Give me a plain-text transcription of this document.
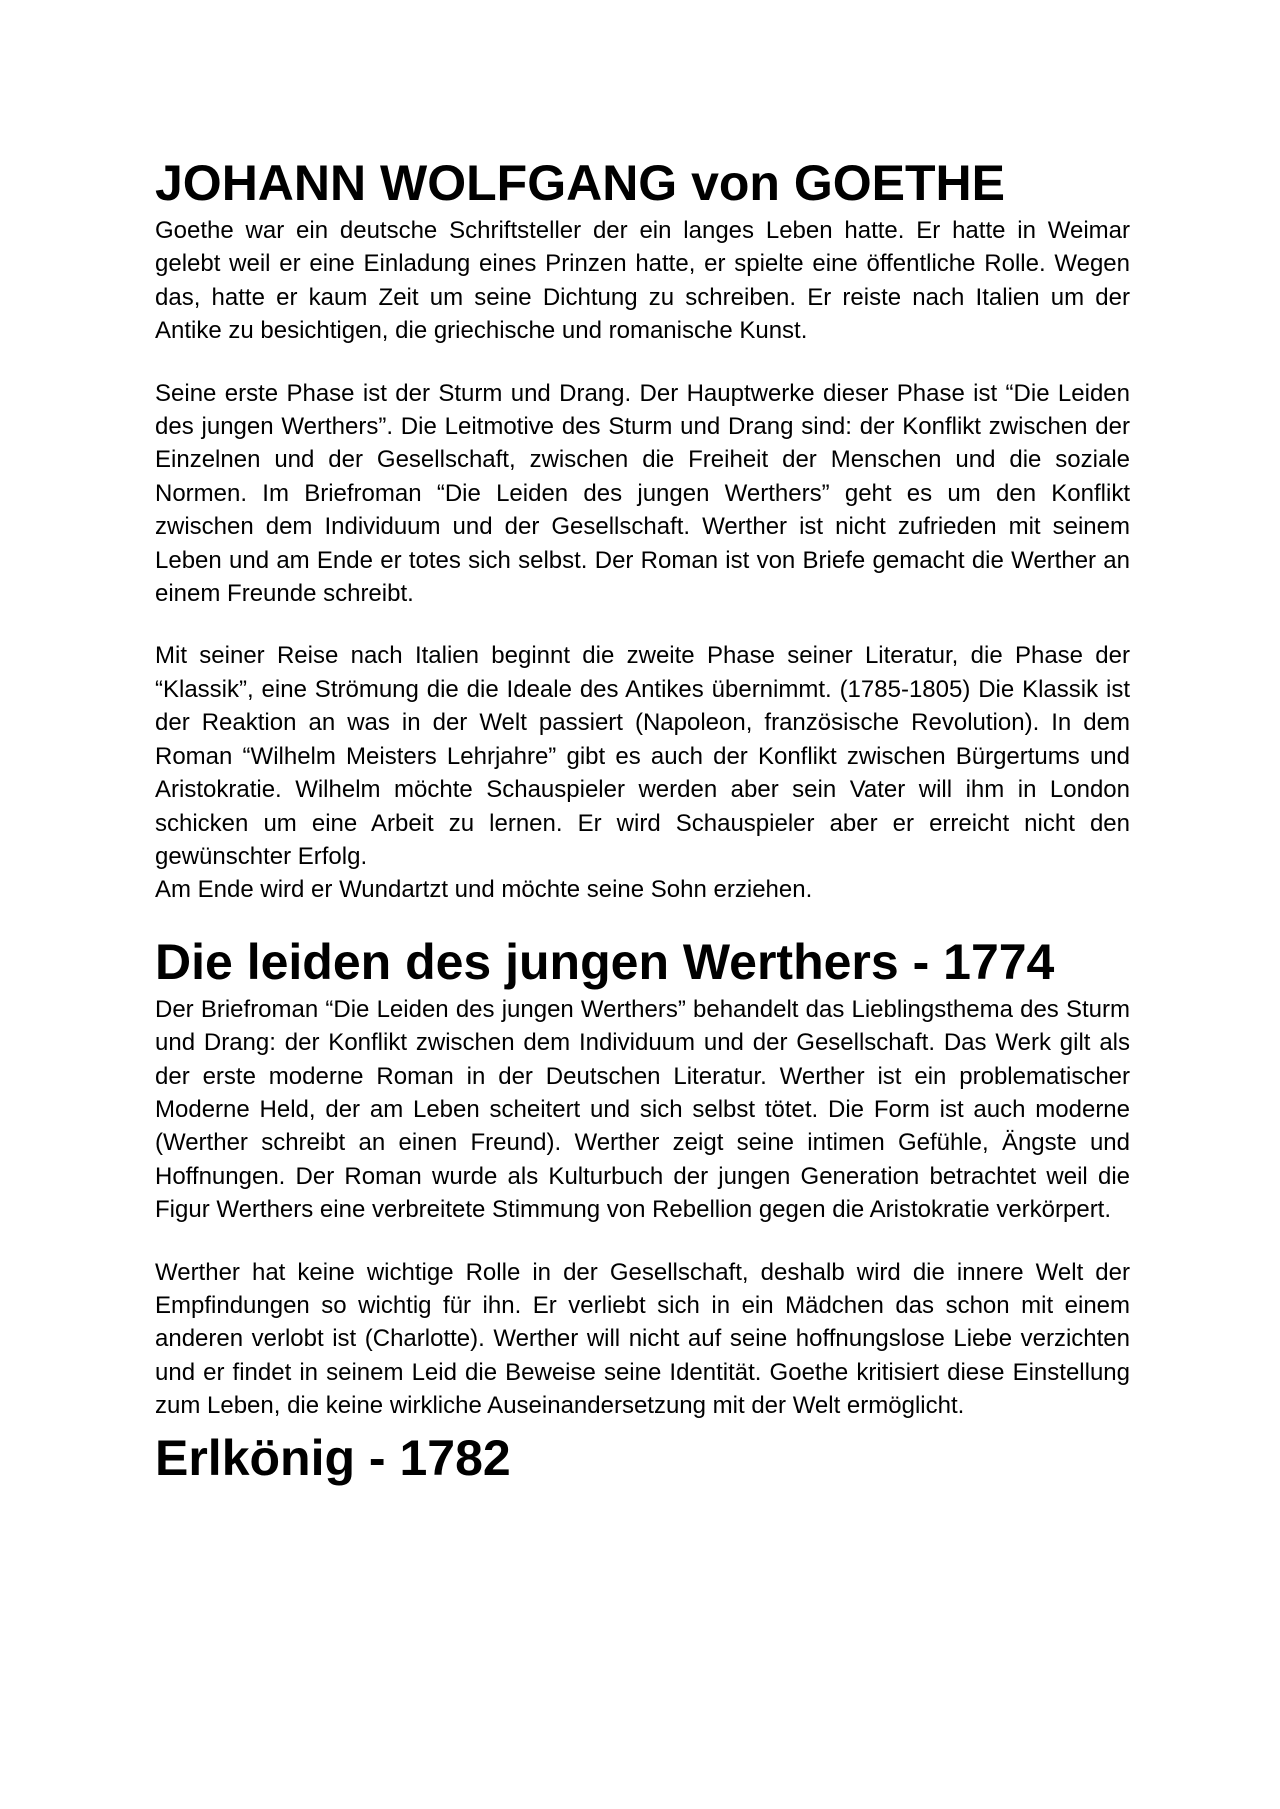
JOHANN WOLFGANG von GOETHE

Goethe war ein deutsche Schriftsteller der ein langes Leben hatte. Er hatte in Weimar gelebt weil er eine Einladung eines Prinzen hatte, er spielte eine öffentliche Rolle. Wegen das, hatte er kaum Zeit um seine Dichtung zu schreiben. Er reiste nach Italien um der Antike zu besichtigen, die griechische und romanische Kunst.

Seine erste Phase ist der Sturm und Drang. Der Hauptwerke dieser Phase ist “Die Leiden des jungen Werthers”. Die Leitmotive des Sturm und Drang sind: der Konflikt zwischen der Einzelnen und der Gesellschaft, zwischen die Freiheit der Menschen und die soziale Normen. Im Briefroman “Die Leiden des jungen Werthers” geht es um den Konflikt zwischen dem Individuum und der Gesellschaft. Werther ist nicht zufrieden mit seinem Leben und am Ende er totes sich selbst. Der Roman ist von Briefe gemacht die Werther an einem Freunde schreibt.

Mit seiner Reise nach Italien beginnt die zweite Phase seiner Literatur, die Phase der “Klassik”, eine Strömung die die Ideale des Antikes übernimmt. (1785-1805) Die Klassik ist der Reaktion an was in der Welt passiert (Napoleon, französische Revolution). In dem Roman “Wilhelm Meisters Lehrjahre” gibt es auch der Konflikt zwischen Bürgertums und Aristokratie. Wilhelm möchte Schauspieler werden aber sein Vater will ihm in London schicken um eine Arbeit zu lernen. Er wird Schauspieler aber er erreicht nicht den gewünschter Erfolg.

Am Ende wird er Wundartzt und möchte seine Sohn erziehen.

Die leiden des jungen Werthers - 1774

Der Briefroman “Die Leiden des jungen Werthers” behandelt das Lieblingsthema des Sturm und Drang: der Konflikt zwischen dem Individuum und der Gesellschaft. Das Werk gilt als der erste moderne Roman in der Deutschen Literatur. Werther ist ein problematischer Moderne Held, der am Leben scheitert und sich selbst tötet. Die Form ist auch moderne (Werther schreibt an einen Freund). Werther zeigt seine intimen Gefühle, Ängste und Hoffnungen. Der Roman wurde als Kulturbuch der jungen Generation betrachtet weil die Figur Werthers eine verbreitete Stimmung von Rebellion gegen die Aristokratie verkörpert.

Werther hat keine wichtige Rolle in der Gesellschaft, deshalb wird die innere Welt der Empfindungen so wichtig für ihn. Er verliebt sich in ein Mädchen das schon mit einem anderen verlobt ist (Charlotte). Werther will nicht auf seine hoffnungslose Liebe verzichten und er findet in seinem Leid die Beweise seine Identität. Goethe kritisiert diese Einstellung zum Leben, die keine wirkliche Auseinandersetzung mit der Welt ermöglicht.

Erlkönig - 1782
